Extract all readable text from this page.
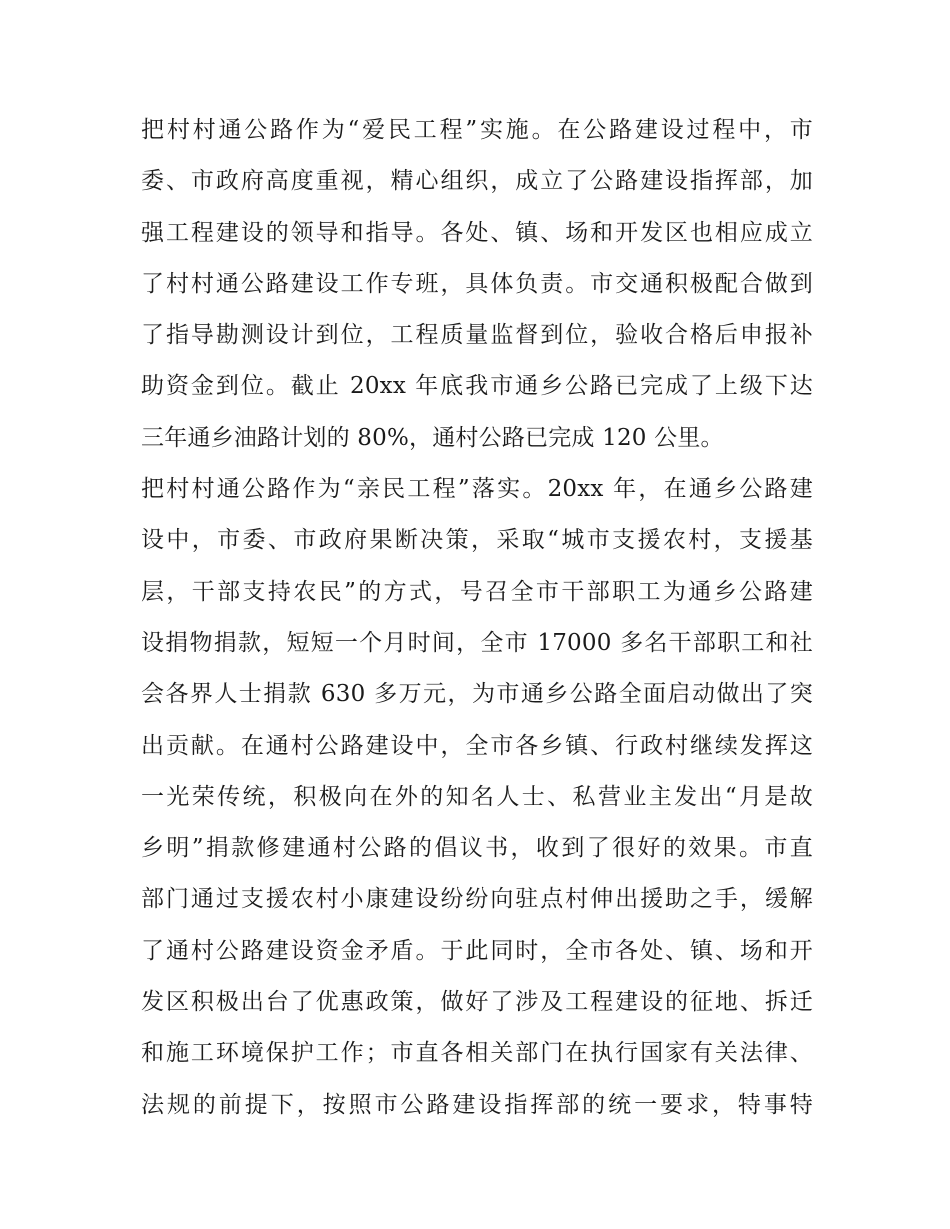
把村村通公路作为“爱民工程”实施。在公路建设过程中，市
委、市政府高度重视，精心组织，成立了公路建设指挥部，加
强工程建设的领导和指导。各处、镇、场和开发区也相应成立
了村村通公路建设工作专班，具体负责。市交通积极配合做到
了指导勘测设计到位，工程质量监督到位，验收合格后申报补
助资金到位。截止 20xx 年底我市通乡公路已完成了上级下达
三年通乡油路计划的 80%，通村公路已完成 120 公里。
把村村通公路作为“亲民工程”落实。20xx 年，在通乡公路建
设中，市委、市政府果断决策，采取“城市支援农村，支援基
层，干部支持农民”的方式，号召全市干部职工为通乡公路建
设捐物捐款，短短一个月时间，全市 17000 多名干部职工和社
会各界人士捐款 630 多万元，为市通乡公路全面启动做出了突
出贡献。在通村公路建设中，全市各乡镇、行政村继续发挥这
一光荣传统，积极向在外的知名人士、私营业主发出“月是故
乡明”捐款修建通村公路的倡议书，收到了很好的效果。市直
部门通过支援农村小康建设纷纷向驻点村伸出援助之手，缓解
了通村公路建设资金矛盾。于此同时，全市各处、镇、场和开
发区积极出台了优惠政策，做好了涉及工程建设的征地、拆迁
和施工环境保护工作；市直各相关部门在执行国家有关法律、
法规的前提下，按照市公路建设指挥部的统一要求，特事特
